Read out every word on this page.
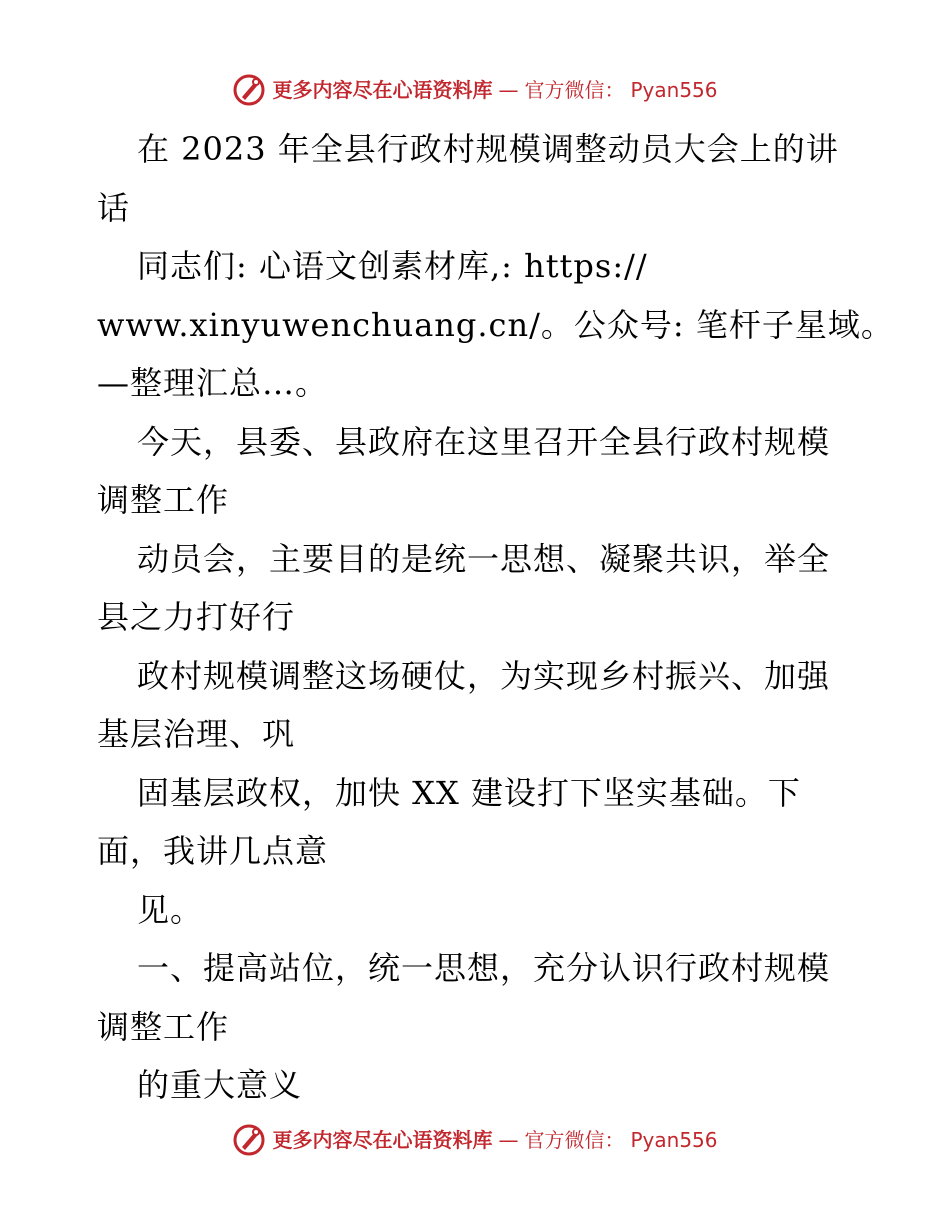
更多内容尽在心语资料库 — 官方微信： Pyan556
在 2023 年全县行政村规模调整动员大会上的讲
话
同志们: 心语文创素材库,: https://
www.xinyuwenchuang.cn/。公众号: 笔杆子星域。
—整理汇总…。
今天，县委、县政府在这里召开全县行政村规模
调整工作
动员会，主要目的是统一思想、凝聚共识，举全
县之力打好行
政村规模调整这场硬仗，为实现乡村振兴、加强
基层治理、巩
固基层政权，加快 XX 建设打下坚实基础。下
面，我讲几点意
见。
一、提高站位，统一思想，充分认识行政村规模
调整工作
的重大意义
更多内容尽在心语资料库 — 官方微信： Pyan556
